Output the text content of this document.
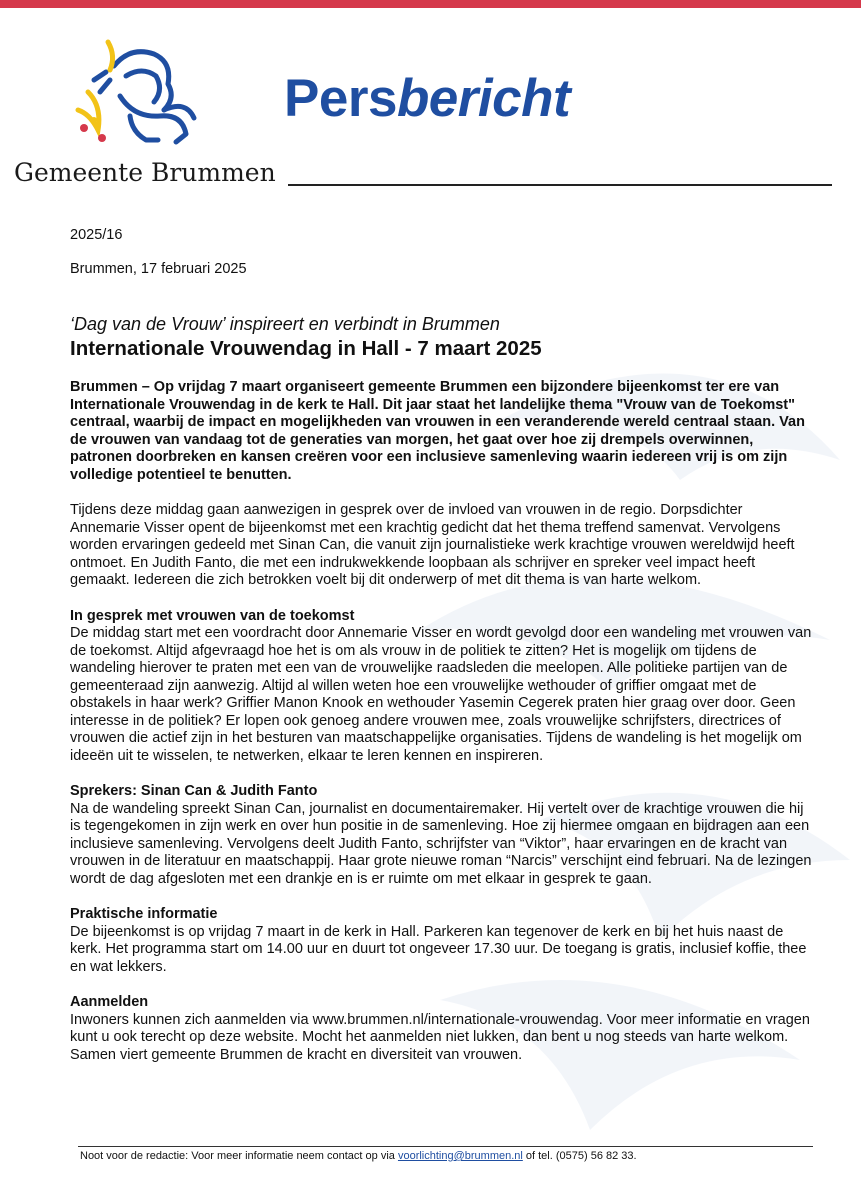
Gemeente Brummen
Persbericht
2025/16
Brummen, 17 februari 2025
‘Dag van de Vrouw’ inspireert en verbindt in Brummen
Internationale Vrouwendag in Hall - 7 maart 2025

Brummen – Op vrijdag 7 maart organiseert gemeente Brummen een bijzondere bijeenkomst ter ere van Internationale Vrouwendag in de kerk te Hall. Dit jaar staat het landelijke thema "Vrouw van de Toekomst" centraal, waarbij de impact en mogelijkheden van vrouwen in een veranderende wereld centraal staan. Van de vrouwen van vandaag tot de generaties van morgen, het gaat over hoe zij drempels overwinnen, patronen doorbreken en kansen creëren voor een inclusieve samenleving waarin iedereen vrij is om zijn volledige potentieel te benutten.

Tijdens deze middag gaan aanwezigen in gesprek over de invloed van vrouwen in de regio. Dorpsdichter Annemarie Visser opent de bijeenkomst met een krachtig gedicht dat het thema treffend samenvat. Vervolgens worden ervaringen gedeeld met Sinan Can, die vanuit zijn journalistieke werk krachtige vrouwen wereldwijd heeft ontmoet. En Judith Fanto, die met een indrukwekkende loopbaan als schrijver en spreker veel impact heeft gemaakt. Iedereen die zich betrokken voelt bij dit onderwerp of met dit thema is van harte welkom.

In gesprek met vrouwen van de toekomst

De middag start met een voordracht door Annemarie Visser en wordt gevolgd door een wandeling met vrouwen van de toekomst. Altijd afgevraagd hoe het is om als vrouw in de politiek te zitten? Het is mogelijk om tijdens de wandeling hierover te praten met een van de vrouwelijke raadsleden die meelopen. Alle politieke partijen van de gemeenteraad zijn aanwezig. Altijd al willen weten hoe een vrouwelijke wethouder of griffier omgaat met de obstakels in haar werk? Griffier Manon Knook en wethouder Yasemin Cegerek praten hier graag over door. Geen interesse in de politiek? Er lopen ook genoeg andere vrouwen mee, zoals vrouwelijke schrijfsters, directrices of vrouwen die actief zijn in het besturen van maatschappelijke organisaties. Tijdens de wandeling is het mogelijk om ideeën uit te wisselen, te netwerken, elkaar te leren kennen en inspireren.

Sprekers: Sinan Can & Judith Fanto

Na de wandeling spreekt Sinan Can, journalist en documentairemaker. Hij vertelt over de krachtige vrouwen die hij is tegengekomen in zijn werk en over hun positie in de samenleving. Hoe zij hiermee omgaan en bijdragen aan een inclusieve samenleving. Vervolgens deelt Judith Fanto, schrijfster van “Viktor”, haar ervaringen en de kracht van vrouwen in de literatuur en maatschappij. Haar grote nieuwe roman “Narcis” verschijnt eind februari. Na de lezingen wordt de dag afgesloten met een drankje en is er ruimte om met elkaar in gesprek te gaan.

Praktische informatie

De bijeenkomst is op vrijdag 7 maart in de kerk in Hall. Parkeren kan tegenover de kerk en bij het huis naast de kerk. Het programma start om 14.00 uur en duurt tot ongeveer 17.30 uur. De toegang is gratis, inclusief koffie, thee en wat lekkers.

Aanmelden

Inwoners kunnen zich aanmelden via www.brummen.nl/internationale-vrouwendag. Voor meer informatie en vragen kunt u ook terecht op deze website. Mocht het aanmelden niet lukken, dan bent u nog steeds van harte welkom. Samen viert gemeente Brummen de kracht en diversiteit van vrouwen.

Noot voor de redactie: Voor meer informatie neem contact op via voorlichting@brummen.nl of tel. (0575) 56 82 33.
